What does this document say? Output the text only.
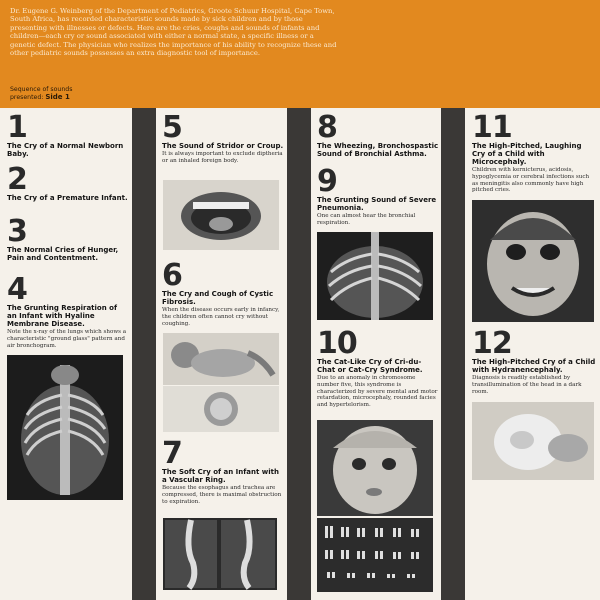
Dr. Eugene G. Weinberg of the Department of Pediatrics, Groote Schuur Hospital, Cape Town, South Africa, has recorded characteristic sounds made by sick children and by those presenting with illnesses or defects. Here are the cries, coughs and sounds of infants and children—each cry or sound associated with either a normal state, a specific illness or a genetic defect. The physician who realizes the importance of his ability to recognize these and other pediatric sounds possesses an extra diagnostic tool of importance.

Sequence of sounds
presented: Side 1
1
The Cry of a Normal Newborn Baby.
2
The Cry of a Premature Infant.
3
The Normal Cries of Hunger, Pain and Contentment.
4
The Grunting Respiration of an Infant with Hyaline Membrane Disease.
Note the x-ray of the lungs which shows a characteristic "ground glass" pattern and air bronchogram.
5
The Sound of Stridor or Croup.
It is always important to exclude diptheria or an inhaled foreign body.
6
The Cry and Cough of Cystic Fibrosis.
When the disease occurs early in infancy, the children often cannot cry without coughing.
7
The Soft Cry of an Infant with a Vascular Ring.
Because the esophagus and trachea are compressed, there is maximal obstruction to expiration.
8
The Wheezing, Bronchospastic Sound of Bronchial Asthma.
9
The Grunting Sound of Severe Pneumonia.
One can almost hear the bronchial respiration.
10
The Cat-Like Cry of Cri-du-Chat or Cat-Cry Syndrome.
Due to an anomaly in chromosome number five, this syndrome is characterized by severe mental and motor retardation, microcephaly, rounded facies and hypertelorism.
11
The High-Pitched, Laughing Cry of a Child with Microcephaly.
Children with kernicterus, acidosis, hypoglycemia or cerebral infections such as meningitis also commonly have high pitched cries.
12
The High-Pitched Cry of a Child with Hydranencephaly.
Diagnosis is readily established by transillumination of the head in a dark room.
